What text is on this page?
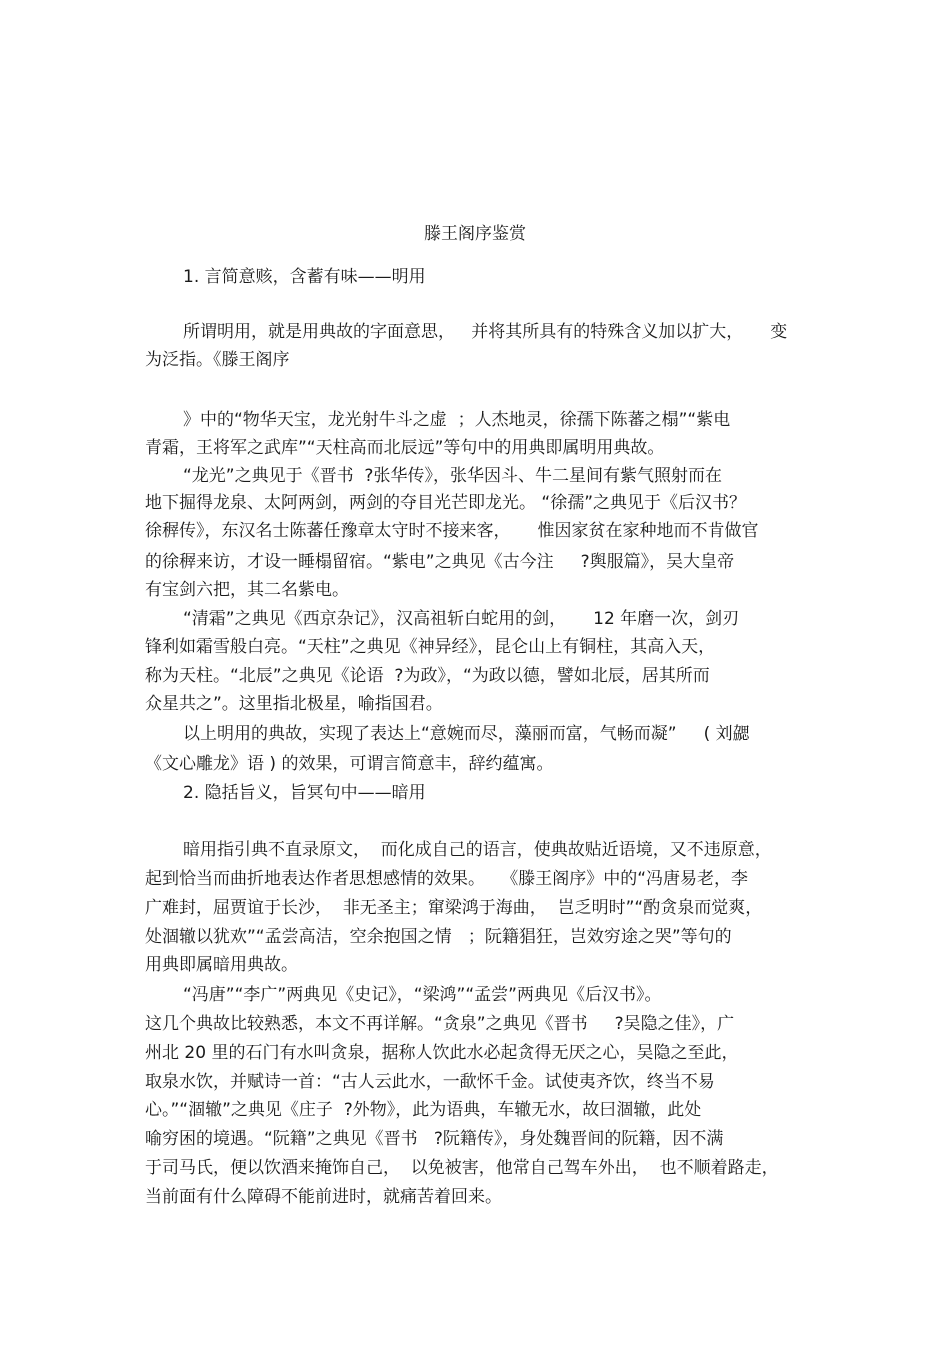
滕王阁序鉴赏
1. 言简意赅，含蓄有味——明用
所谓明用，就是用典故的字面意思，   并将其所具有的特殊含义加以扩大，     变
为泛指。《滕王阁序
》中的“物华天宝，龙光射牛斗之虚  ；人杰地灵，徐孺下陈蕃之榻”“紫电
青霜，王将军之武库”“天柱高而北辰远”等句中的用典即属明用典故。
“龙光”之典见于《晋书  ?张华传》，张华因斗、牛二星间有紫气照射而在
地下掘得龙泉、太阿两剑，两剑的夺目光芒即龙光。 “徐孺”之典见于《后汉书？
徐稺传》，东汉名士陈蕃任豫章太守时不接来客，     惟因家贫在家种地而不肯做官
的徐稺来访，才设一睡榻留宿。“紫电”之典见《古今注     ?舆服篇》，吴大皇帝
有宝剑六把，其二名紫电。
“清霜”之典见《西京杂记》，汉高祖斩白蛇用的剑，     12 年磨一次，剑刃
锋利如霜雪般白亮。“天柱”之典见《神异经》，昆仑山上有铜柱，其高入天，
称为天柱。“北辰”之典见《论语  ?为政》，“为政以德，譬如北辰，居其所而
众星共之”。这里指北极星，喻指国君。
以上明用的典故，实现了表达上“意婉而尽，藻丽而富，气畅而凝”     ( 刘勰
《文心雕龙》语 ) 的效果，可谓言简意丰，辞约蕴寓。
2. 隐括旨义，旨冥句中——暗用
暗用指引典不直录原文，  而化成自己的语言，使典故贴近语境，又不违原意，
起到恰当而曲折地表达作者思想感情的效果。   《滕王阁序》中的“冯唐易老，李
广难封，屈贾谊于长沙，  非无圣主；窜梁鸿于海曲，  岂乏明时”“酌贪泉而觉爽，
处涸辙以犹欢”“孟尝高洁，空余抱国之情   ；阮籍猖狂，岂效穷途之哭”等句的
用典即属暗用典故。
“冯唐”“李广”两典见《史记》，“梁鸿”“孟尝”两典见《后汉书》。
这几个典故比较熟悉，本文不再详解。“贪泉”之典见《晋书     ?吴隐之佳》，广
州北 20 里的石门有水叫贪泉，据称人饮此水必起贪得无厌之心，吴隐之至此，
取泉水饮，并赋诗一首：“古人云此水，一歃怀千金。试使夷齐饮，终当不易
心。”“涸辙”之典见《庄子  ?外物》，此为语典，车辙无水，故曰涸辙，此处
喻穷困的境遇。“阮籍”之典见《晋书   ?阮籍传》，身处魏晋间的阮籍，因不满
于司马氏，便以饮酒来掩饰自己，  以免被害，他常自己驾车外出，  也不顺着路走，
当前面有什么障碍不能前进时，就痛苦着回来。
